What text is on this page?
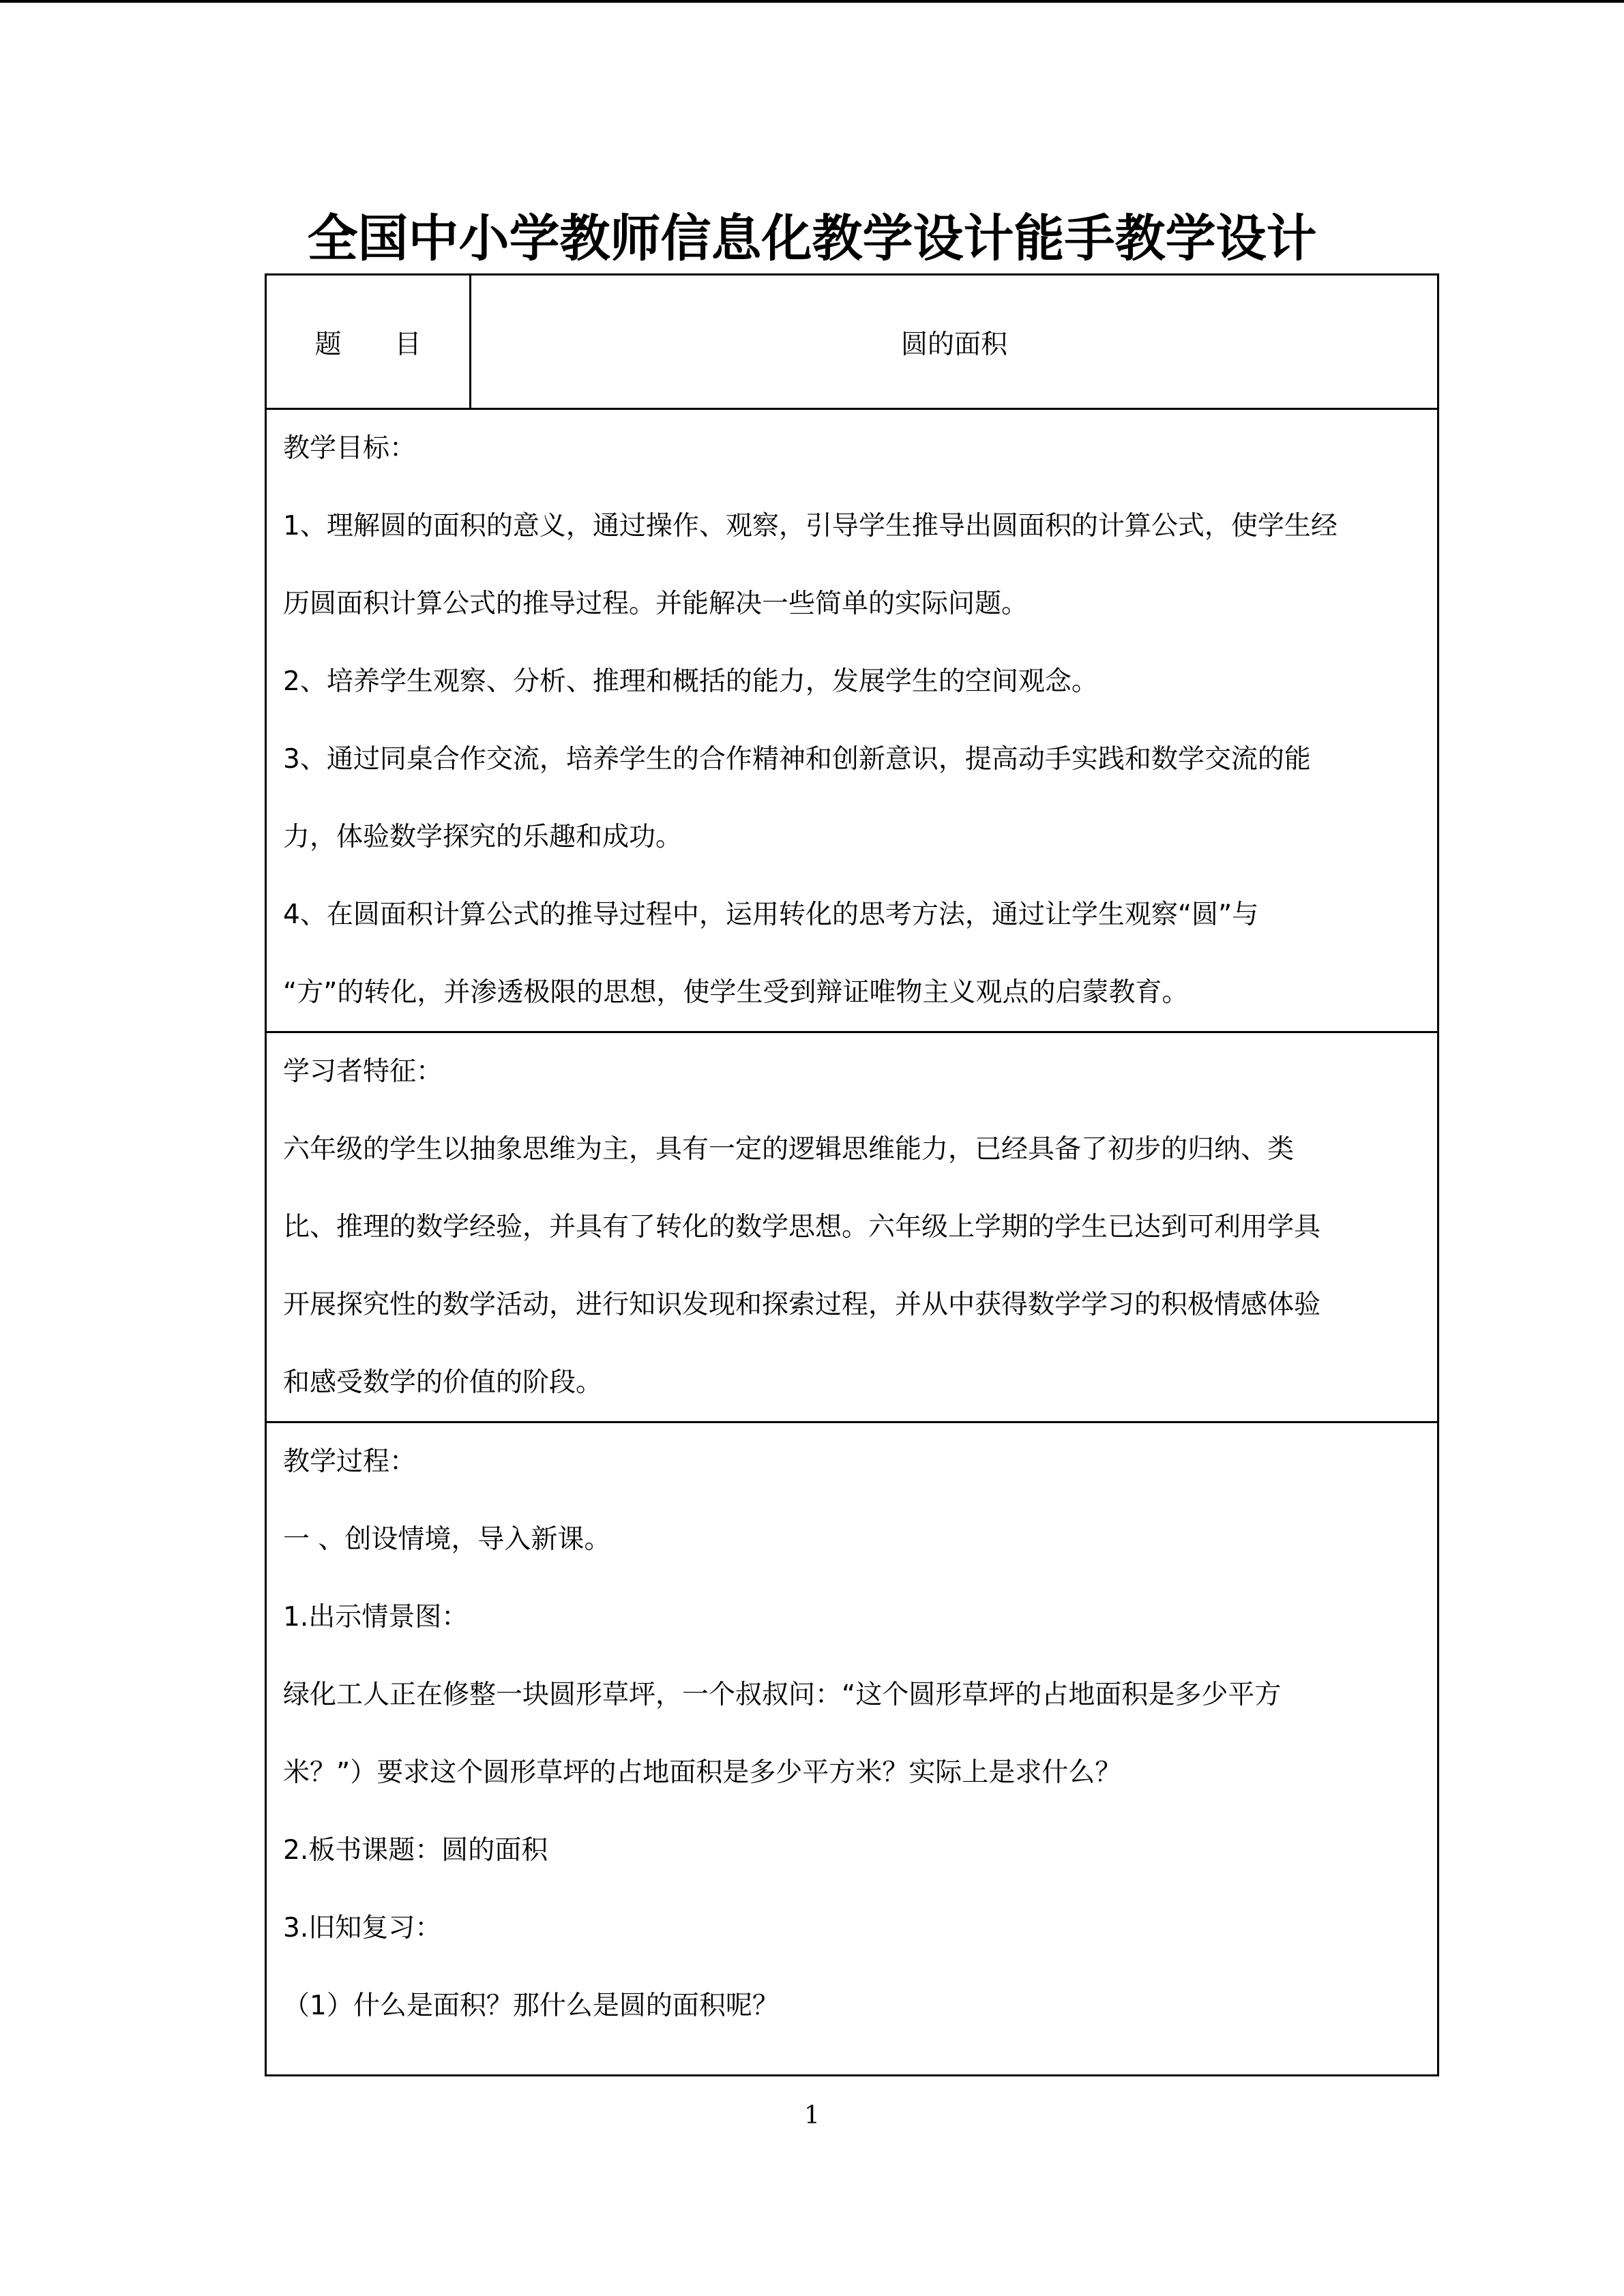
全国中小学教师信息化教学设计能手教学设计
题　　目	圆的面积
教学目标：
1、理解圆的面积的意义，通过操作、观察，引导学生推导出圆面积的计算公式，使学生经
历圆面积计算公式的推导过程。并能解决一些简单的实际问题。
2、培养学生观察、分析、推理和概括的能力，发展学生的空间观念。
3、通过同桌合作交流，培养学生的合作精神和创新意识，提高动手实践和数学交流的能
力，体验数学探究的乐趣和成功。
4、在圆面积计算公式的推导过程中，运用转化的思考方法，通过让学生观察“圆”与
“方”的转化，并渗透极限的思想，使学生受到辩证唯物主义观点的启蒙教育。
学习者特征：
六年级的学生以抽象思维为主，具有一定的逻辑思维能力，已经具备了初步的归纳、类
比、推理的数学经验，并具有了转化的数学思想。六年级上学期的学生已达到可利用学具
开展探究性的数学活动，进行知识发现和探索过程，并从中获得数学学习的积极情感体验
和感受数学的价值的阶段。
教学过程：
一 、创设情境，导入新课。
1.出示情景图：
绿化工人正在修整一块圆形草坪，一个叔叔问：“这个圆形草坪的占地面积是多少平方
米？”）要求这个圆形草坪的占地面积是多少平方米？实际上是求什么？
2.板书课题：圆的面积
3.旧知复习：
（1）什么是面积？那什么是圆的面积呢？
1
